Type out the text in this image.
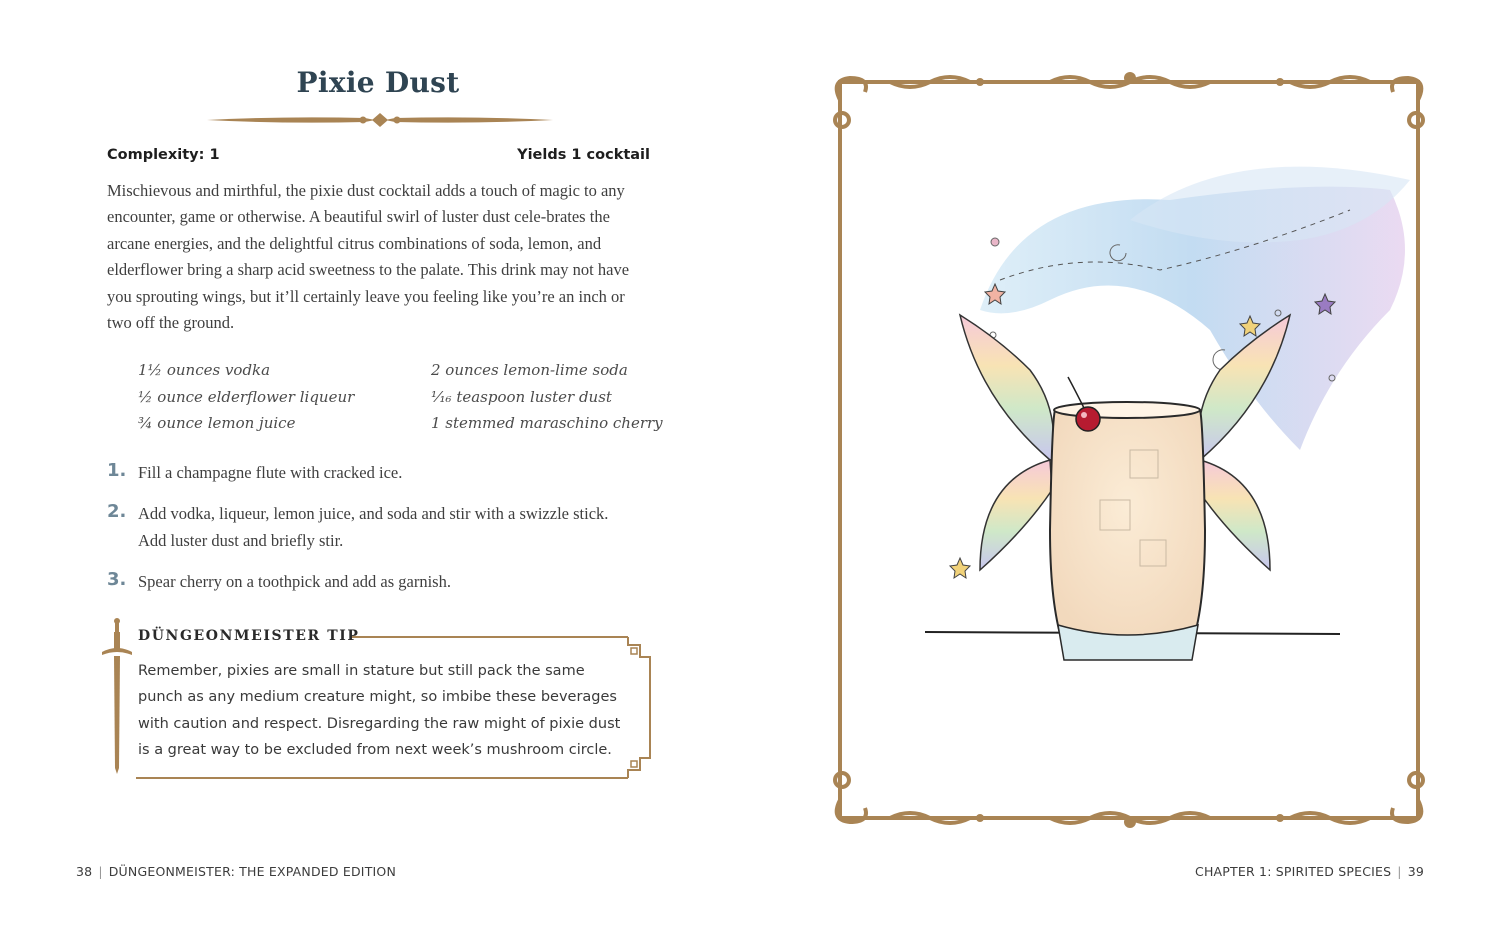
Pixie Dust
Complexity: 1	Yields 1 cocktail
Mischievous and mirthful, the pixie dust cocktail adds a touch of magic to any encounter, game or otherwise. A beautiful swirl of luster dust cele-brates the arcane energies, and the delightful citrus combinations of soda, lemon, and elderflower bring a sharp acid sweetness to the palate. This drink may not have you sprouting wings, but it’ll certainly leave you feeling like you’re an inch or two off the ground.
1½ ounces vodka
½ ounce elderflower liqueur
¾ ounce lemon juice
2 ounces lemon-lime soda
¹⁄₁₆ teaspoon luster dust
1 stemmed maraschino cherry
1. Fill a champagne flute with cracked ice.
2. Add vodka, liqueur, lemon juice, and soda and stir with a swizzle stick. Add luster dust and briefly stir.
3. Spear cherry on a toothpick and add as garnish.
DÜNGEONMEISTER TIP
Remember, pixies are small in stature but still pack the same punch as any medium creature might, so imbibe these beverages with caution and respect. Disregarding the raw might of pixie dust is a great way to be excluded from next week’s mushroom circle.
38 | DÜNGEONMEISTER: THE EXPANDED EDITION	CHAPTER 1: SPIRITED SPECIES | 39
